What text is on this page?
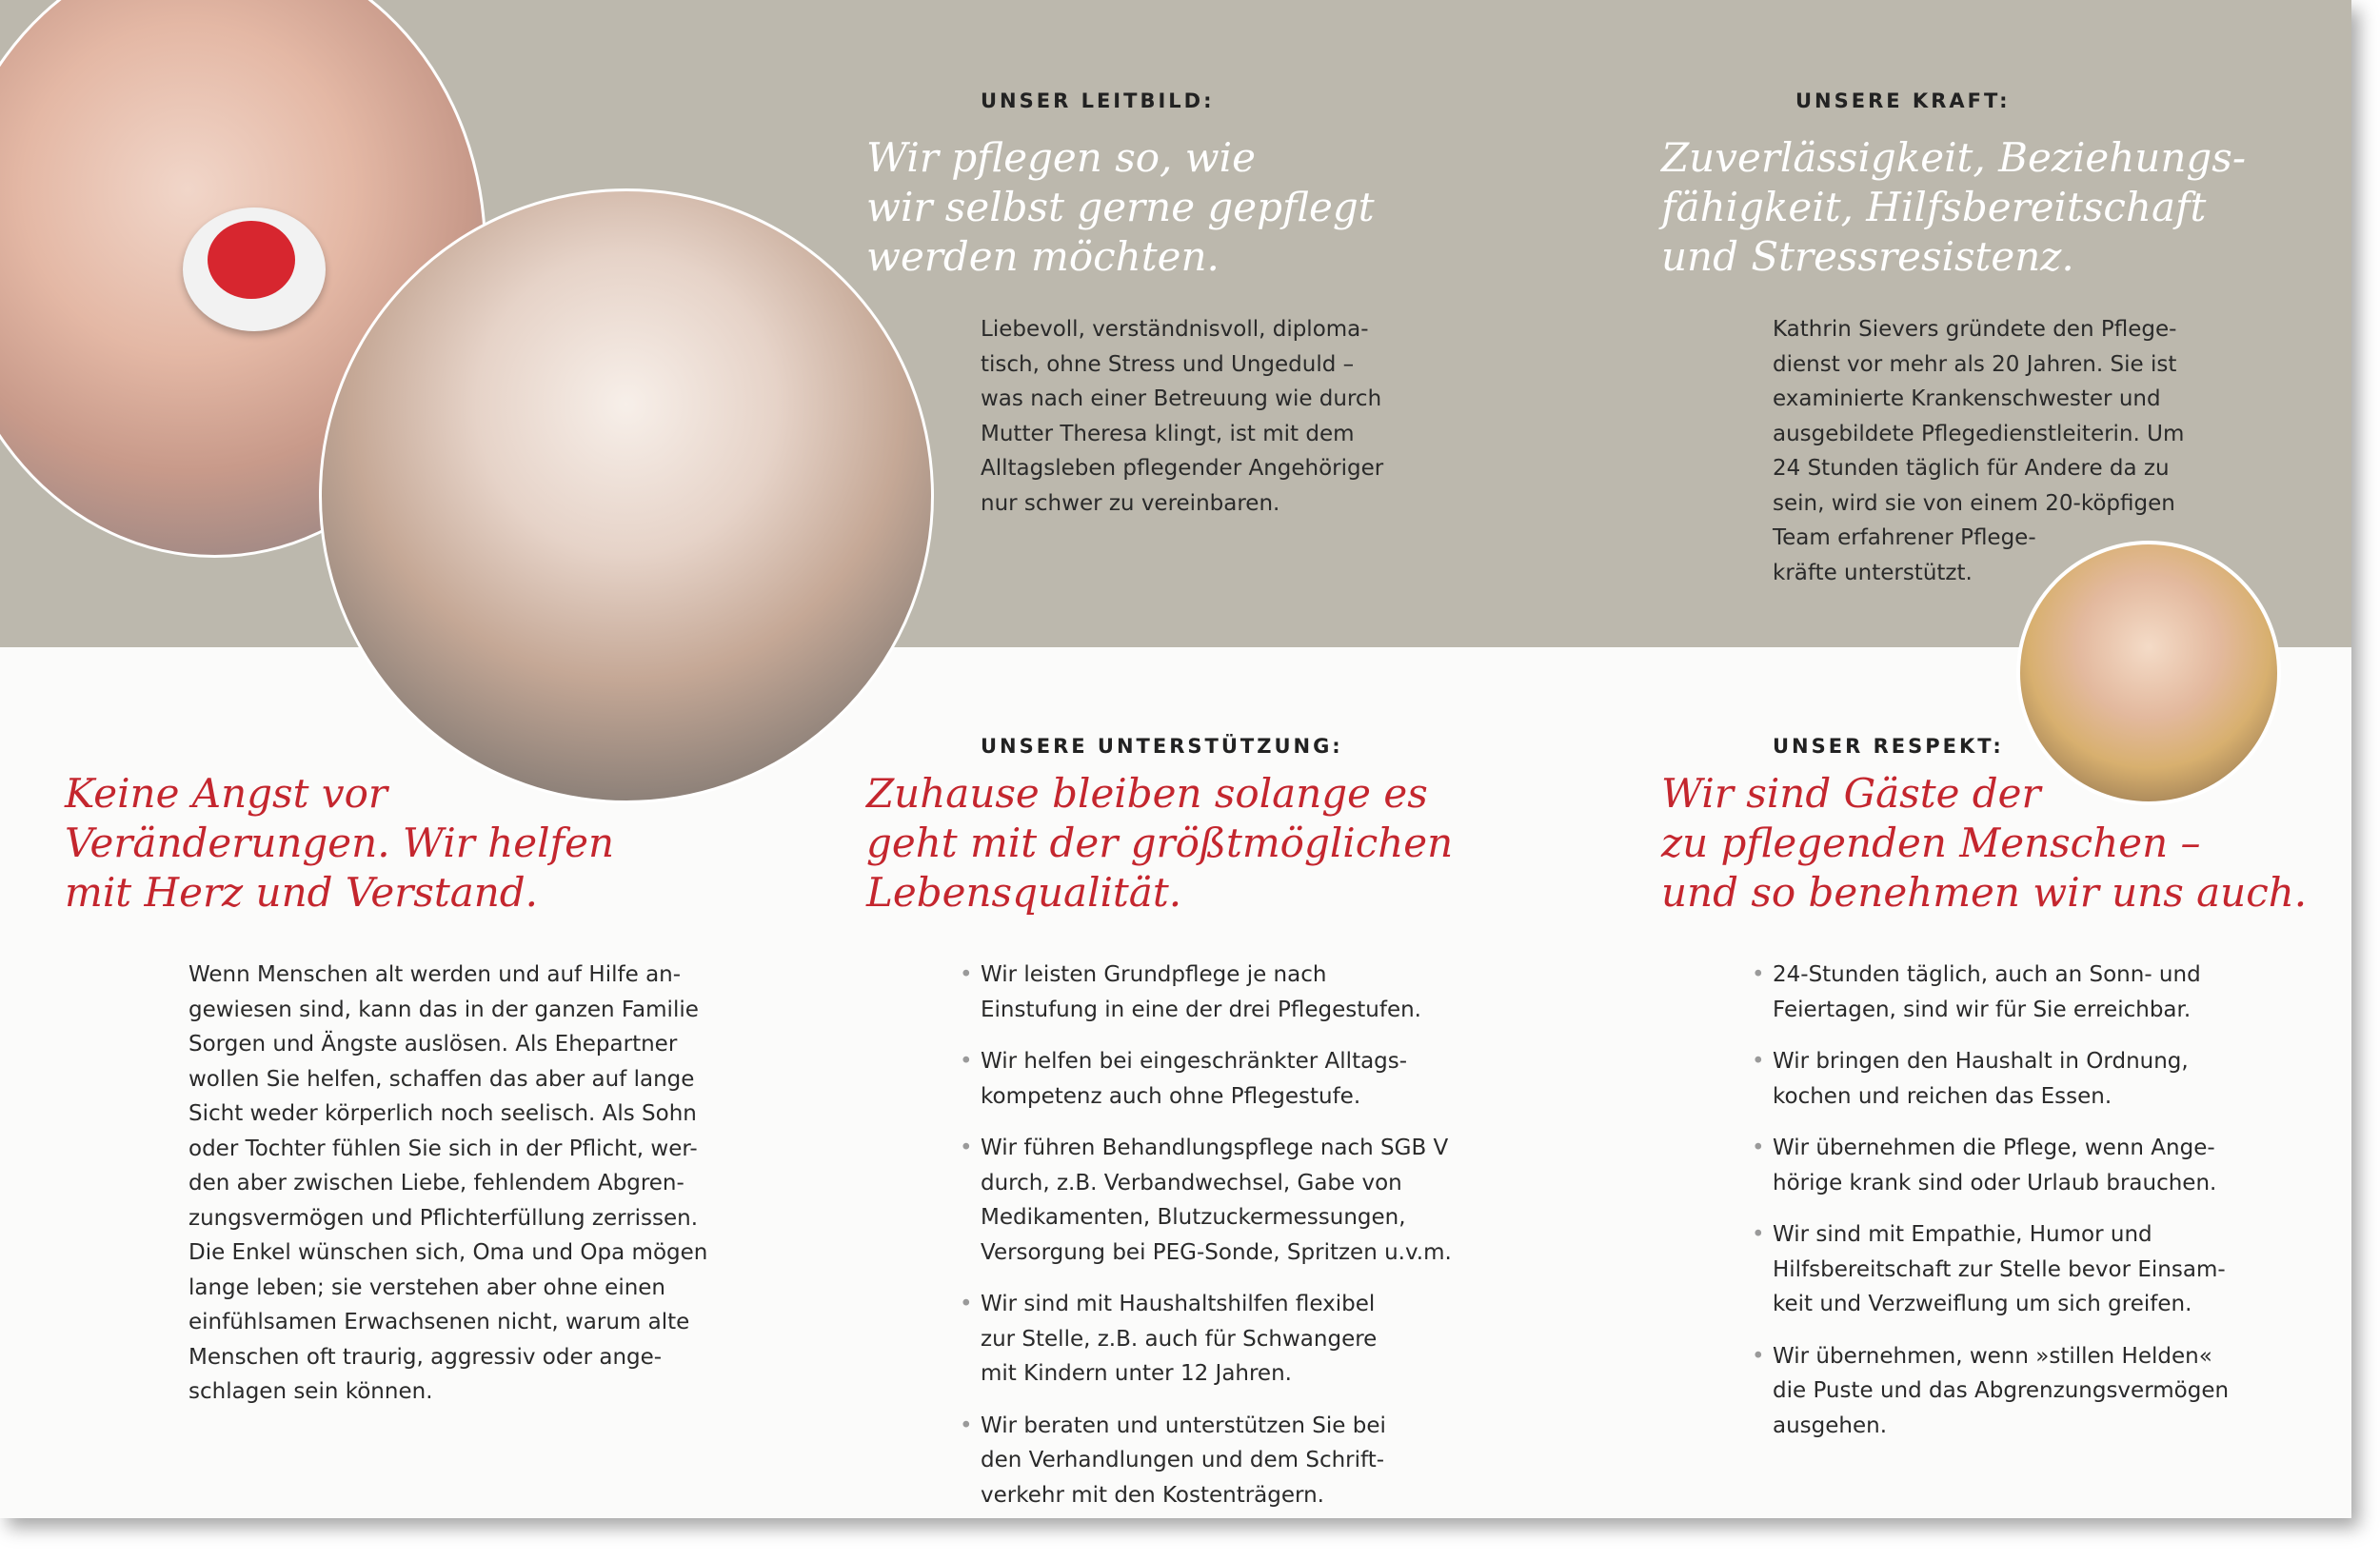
UNSER LEITBILD:
Wir pflegen so, wie
wir selbst gerne gepflegt
werden möchten.
Liebevoll, verständnisvoll, diploma-
tisch, ohne Stress und Ungeduld –
was nach einer Betreuung wie durch
Mutter Theresa klingt, ist mit dem
Alltagsleben pflegender Angehöriger
nur schwer zu vereinbaren.
UNSERE KRAFT:
Zuverlässigkeit, Beziehungs-
fähigkeit, Hilfsbereitschaft
und Stressresistenz.
Kathrin Sievers gründete den Pflege-
dienst vor mehr als 20 Jahren. Sie ist
examinierte Krankenschwester und
ausgebildete Pflegedienstleiterin. Um
24 Stunden täglich für Andere da zu
sein, wird sie von einem 20-köpfigen
Team erfahrener Pflege-
kräfte unterstützt.
Keine Angst vor
Veränderungen. Wir helfen
mit Herz und Verstand.
Wenn Menschen alt werden und auf Hilfe an-
gewiesen sind, kann das in der ganzen Familie
Sorgen und Ängste auslösen. Als Ehepartner
wollen Sie helfen, schaffen das aber auf lange
Sicht weder körperlich noch seelisch. Als Sohn
oder Tochter fühlen Sie sich in der Pflicht, wer-
den aber zwischen Liebe, fehlendem Abgren-
zungsvermögen und Pflichterfüllung zerrissen.
Die Enkel wünschen sich, Oma und Opa mögen
lange leben; sie verstehen aber ohne einen
einfühlsamen Erwachsenen nicht, warum alte
Menschen oft traurig, aggressiv oder ange-
schlagen sein können.
UNSERE UNTERSTÜTZUNG:
Zuhause bleiben solange es
geht mit der größtmöglichen
Lebensqualität.
• Wir leisten Grundpflege je nach
Einstufung in eine der drei Pflegestufen.
• Wir helfen bei eingeschränkter Alltags-
kompetenz auch ohne Pflegestufe.
• Wir führen Behandlungspflege nach SGB V
durch, z.B. Verbandwechsel, Gabe von
Medikamenten, Blutzuckermessungen,
Versorgung bei PEG-Sonde, Spritzen u.v.m.
• Wir sind mit Haushaltshilfen flexibel
zur Stelle, z.B. auch für Schwangere
mit Kindern unter 12 Jahren.
• Wir beraten und unterstützen Sie bei
den Verhandlungen und dem Schrift-
verkehr mit den Kostenträgern.
UNSER RESPEKT:
Wir sind Gäste der
zu pflegenden Menschen –
und so benehmen wir uns auch.
• 24-Stunden täglich, auch an Sonn- und
Feiertagen, sind wir für Sie erreichbar.
• Wir bringen den Haushalt in Ordnung,
kochen und reichen das Essen.
• Wir übernehmen die Pflege, wenn Ange-
hörige krank sind oder Urlaub brauchen.
• Wir sind mit Empathie, Humor und
Hilfsbereitschaft zur Stelle bevor Einsam-
keit und Verzweiflung um sich greifen.
• Wir übernehmen, wenn »stillen Helden«
die Puste und das Abgrenzungsvermögen
ausgehen.
